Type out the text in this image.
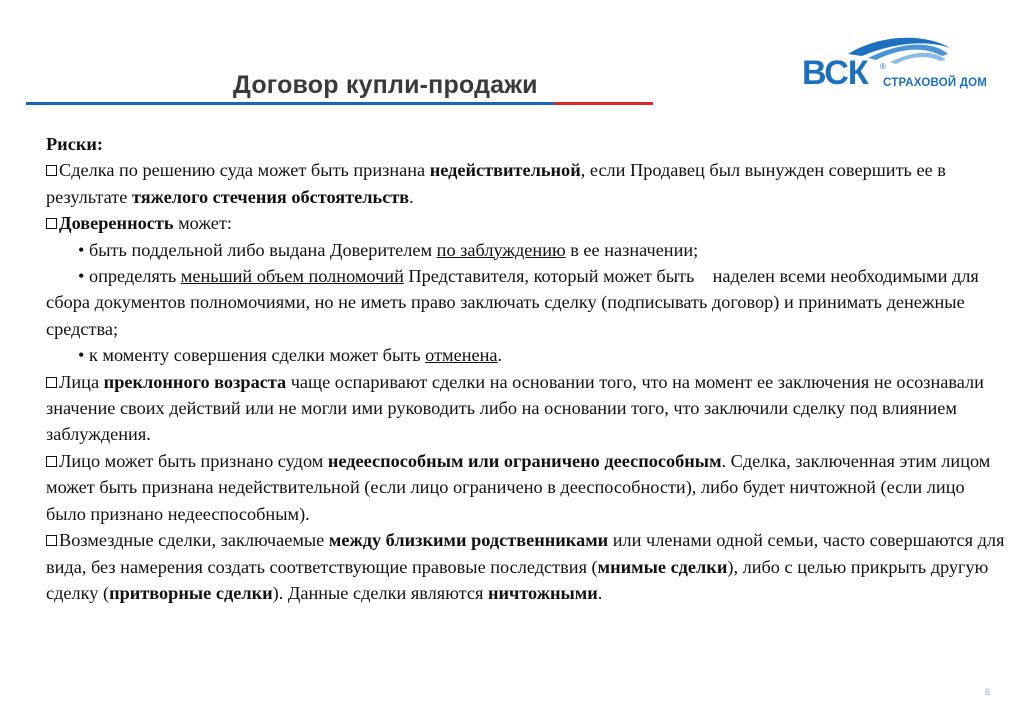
Договор купли-продажи	ВСК ®
СТРАХОВОЙ ДОМ

Риски:

Сделка по решению суда может быть признана недействительной, если Продавец был вынужден совершить ее в результате тяжелого стечения обстоятельств.

Доверенность может:

• быть поддельной либо выдана Доверителем по заблуждению в ее назначении;

• определять меньший объем полномочий Представителя, который может быть    наделен всеми необходимыми для сбора документов полномочиями, но не иметь право заключать сделку (подписывать договор) и принимать денежные средства;

• к моменту совершения сделки может быть отменена.

Лица преклонного возраста чаще оспаривают сделки на основании того, что на момент ее заключения не осознавали значение своих действий или не могли ими руководить либо на основании того, что заключили сделку под влиянием заблуждения.

Лицо может быть признано судом недееспособным или ограничено дееспособным. Сделка, заключенная этим лицом может быть признана недействительной (если лицо ограничено в дееспособности), либо будет ничтожной (если лицо было признано недееспособным).

Возмездные сделки, заключаемые между близкими родственниками или членами одной семьи, часто совершаются для вида, без намерения создать соответствующие правовые последствия (мнимые сделки), либо с целью прикрыть другую сделку (притворные сделки). Данные сделки являются ничтожными.

6
